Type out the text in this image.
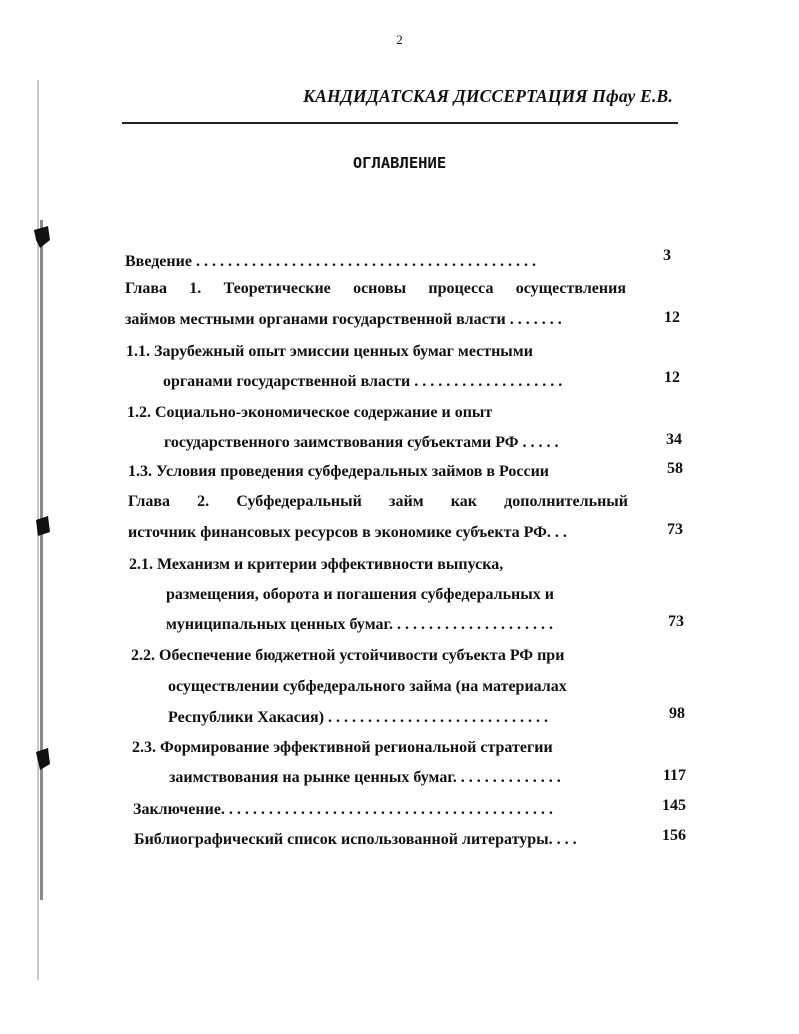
2
КАНДИДАТСКАЯ ДИССЕРТАЦИЯ Пфау Е.В.
ОГЛАВЛЕНИЕ
Введение . . . . . . . . . . . . . . . . . . . . . . . . . . . . . . . . . . . . . . . . . . .	3
Глава 1. Теоретические основы процесса осуществления
займов местными органами государственной власти . . . . . . .	12
1.1. Зарубежный опыт эмиссии ценных бумаг местными
органами государственной власти . . . . . . . . . . . . . . . . . . .	12
1.2. Социально-экономическое содержание и опыт
государственного заимствования субъектами РФ . . . . .	34
1.3. Условия проведения субфедеральных займов в России	58
Глава 2. Субфедеральный займ как дополнительный
источник финансовых ресурсов в экономике субъекта РФ. . .	73
2.1. Механизм и критерии эффективности выпуска,
размещения, оборота и погашения субфедеральных и
муниципальных ценных бумаг. . . . . . . . . . . . . . . . . . . . .	73
2.2. Обеспечение бюджетной устойчивости субъекта РФ при
осуществлении субфедерального займа (на материалах
Республики Хакасия) . . . . . . . . . . . . . . . . . . . . . . . . . . . .	98
2.3. Формирование эффективной региональной стратегии
заимствования на рынке ценных бумаг. . . . . . . . . . . . . .	117
Заключение. . . . . . . . . . . . . . . . . . . . . . . . . . . . . . . . . . . . . . . . . .	145
Библиографический список использованной литературы. . . .	156
